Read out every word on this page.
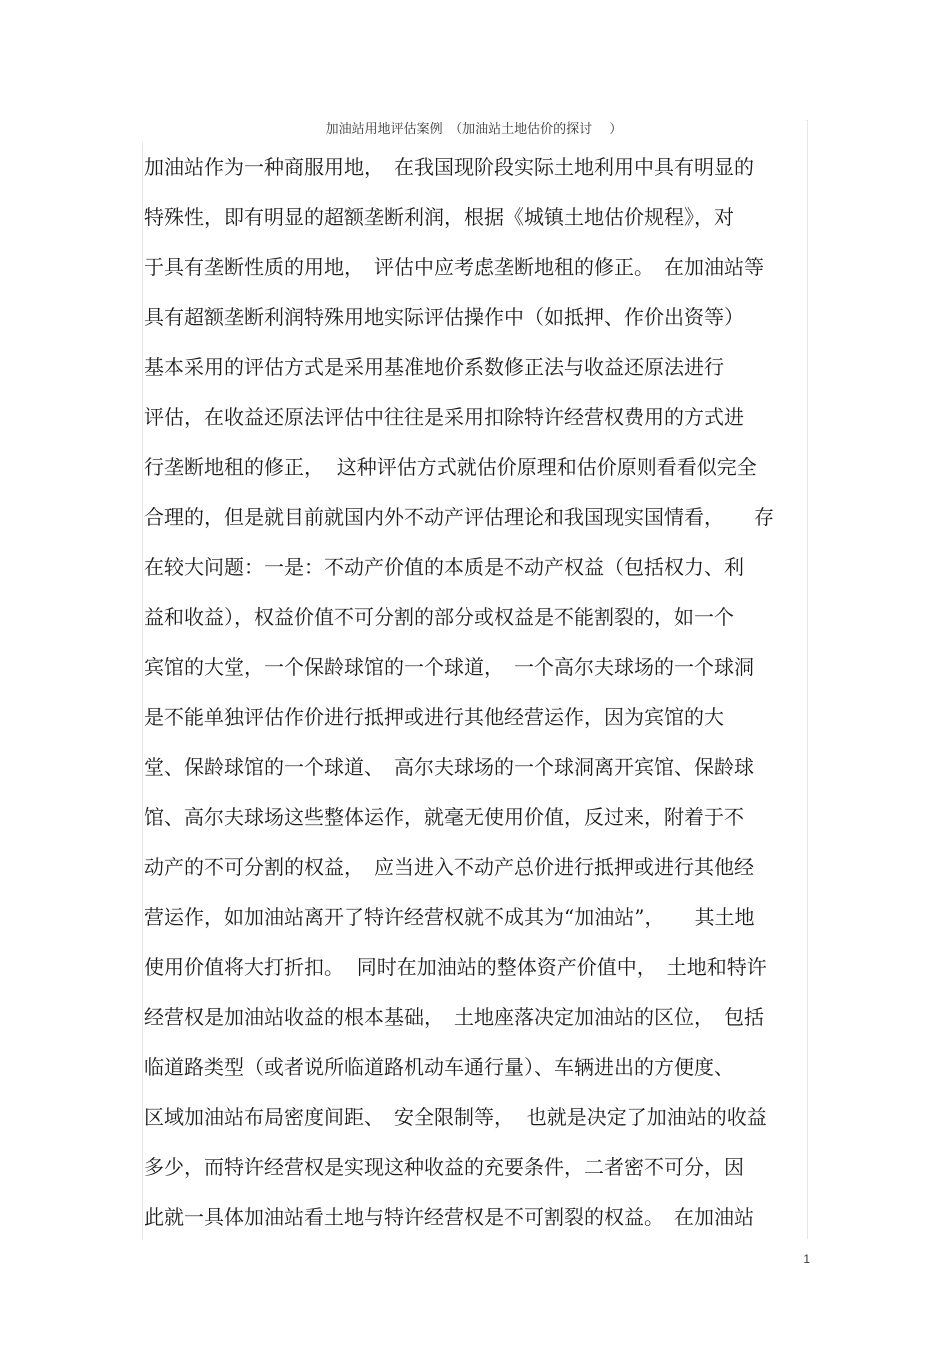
加油站用地评估案例　（加油站土地估价的探讨　 ）
加油站作为一种商服用地，　在我国现阶段实际土地利用中具有明显的
特殊性，即有明显的超额垄断利润，根据《城镇土地估价规程》，对
于具有垄断性质的用地，　评估中应考虑垄断地租的修正。　在加油站等
具有超额垄断利润特殊用地实际评估操作中（如抵押、作价出资等）
基本采用的评估方式是采用基准地价系数修正法与收益还原法进行
评估，在收益还原法评估中往往是采用扣除特许经营权费用的方式进
行垄断地租的修正，  这种评估方式就估价原理和估价原则看看似完全
合理的，但是就目前就国内外不动产评估理论和我国现实国情看，　　存
在较大问题：一是：不动产价值的本质是不动产权益（包括权力、利
益和收益），权益价值不可分割的部分或权益是不能割裂的，如一个
宾馆的大堂，一个保龄球馆的一个球道，　一个高尔夫球场的一个球洞
是不能单独评估作价进行抵押或进行其他经营运作，因为宾馆的大
堂、保龄球馆的一个球道、　高尔夫球场的一个球洞离开宾馆、保龄球
馆、高尔夫球场这些整体运作，就毫无使用价值，反过来，附着于不
动产的不可分割的权益，　应当进入不动产总价进行抵押或进行其他经
营运作，如加油站离开了特许经营权就不成其为“加油站”，　　其土地
使用价值将大打折扣。  同时在加油站的整体资产价值中，　土地和特许
经营权是加油站收益的根本基础，　土地座落决定加油站的区位，　包括
临道路类型（或者说所临道路机动车通行量）、车辆进出的方便度、
区域加油站布局密度间距、　安全限制等，  也就是决定了加油站的收益
多少，而特许经营权是实现这种收益的充要条件，二者密不可分，因
此就一具体加油站看土地与特许经营权是不可割裂的权益。　在加油站
1
